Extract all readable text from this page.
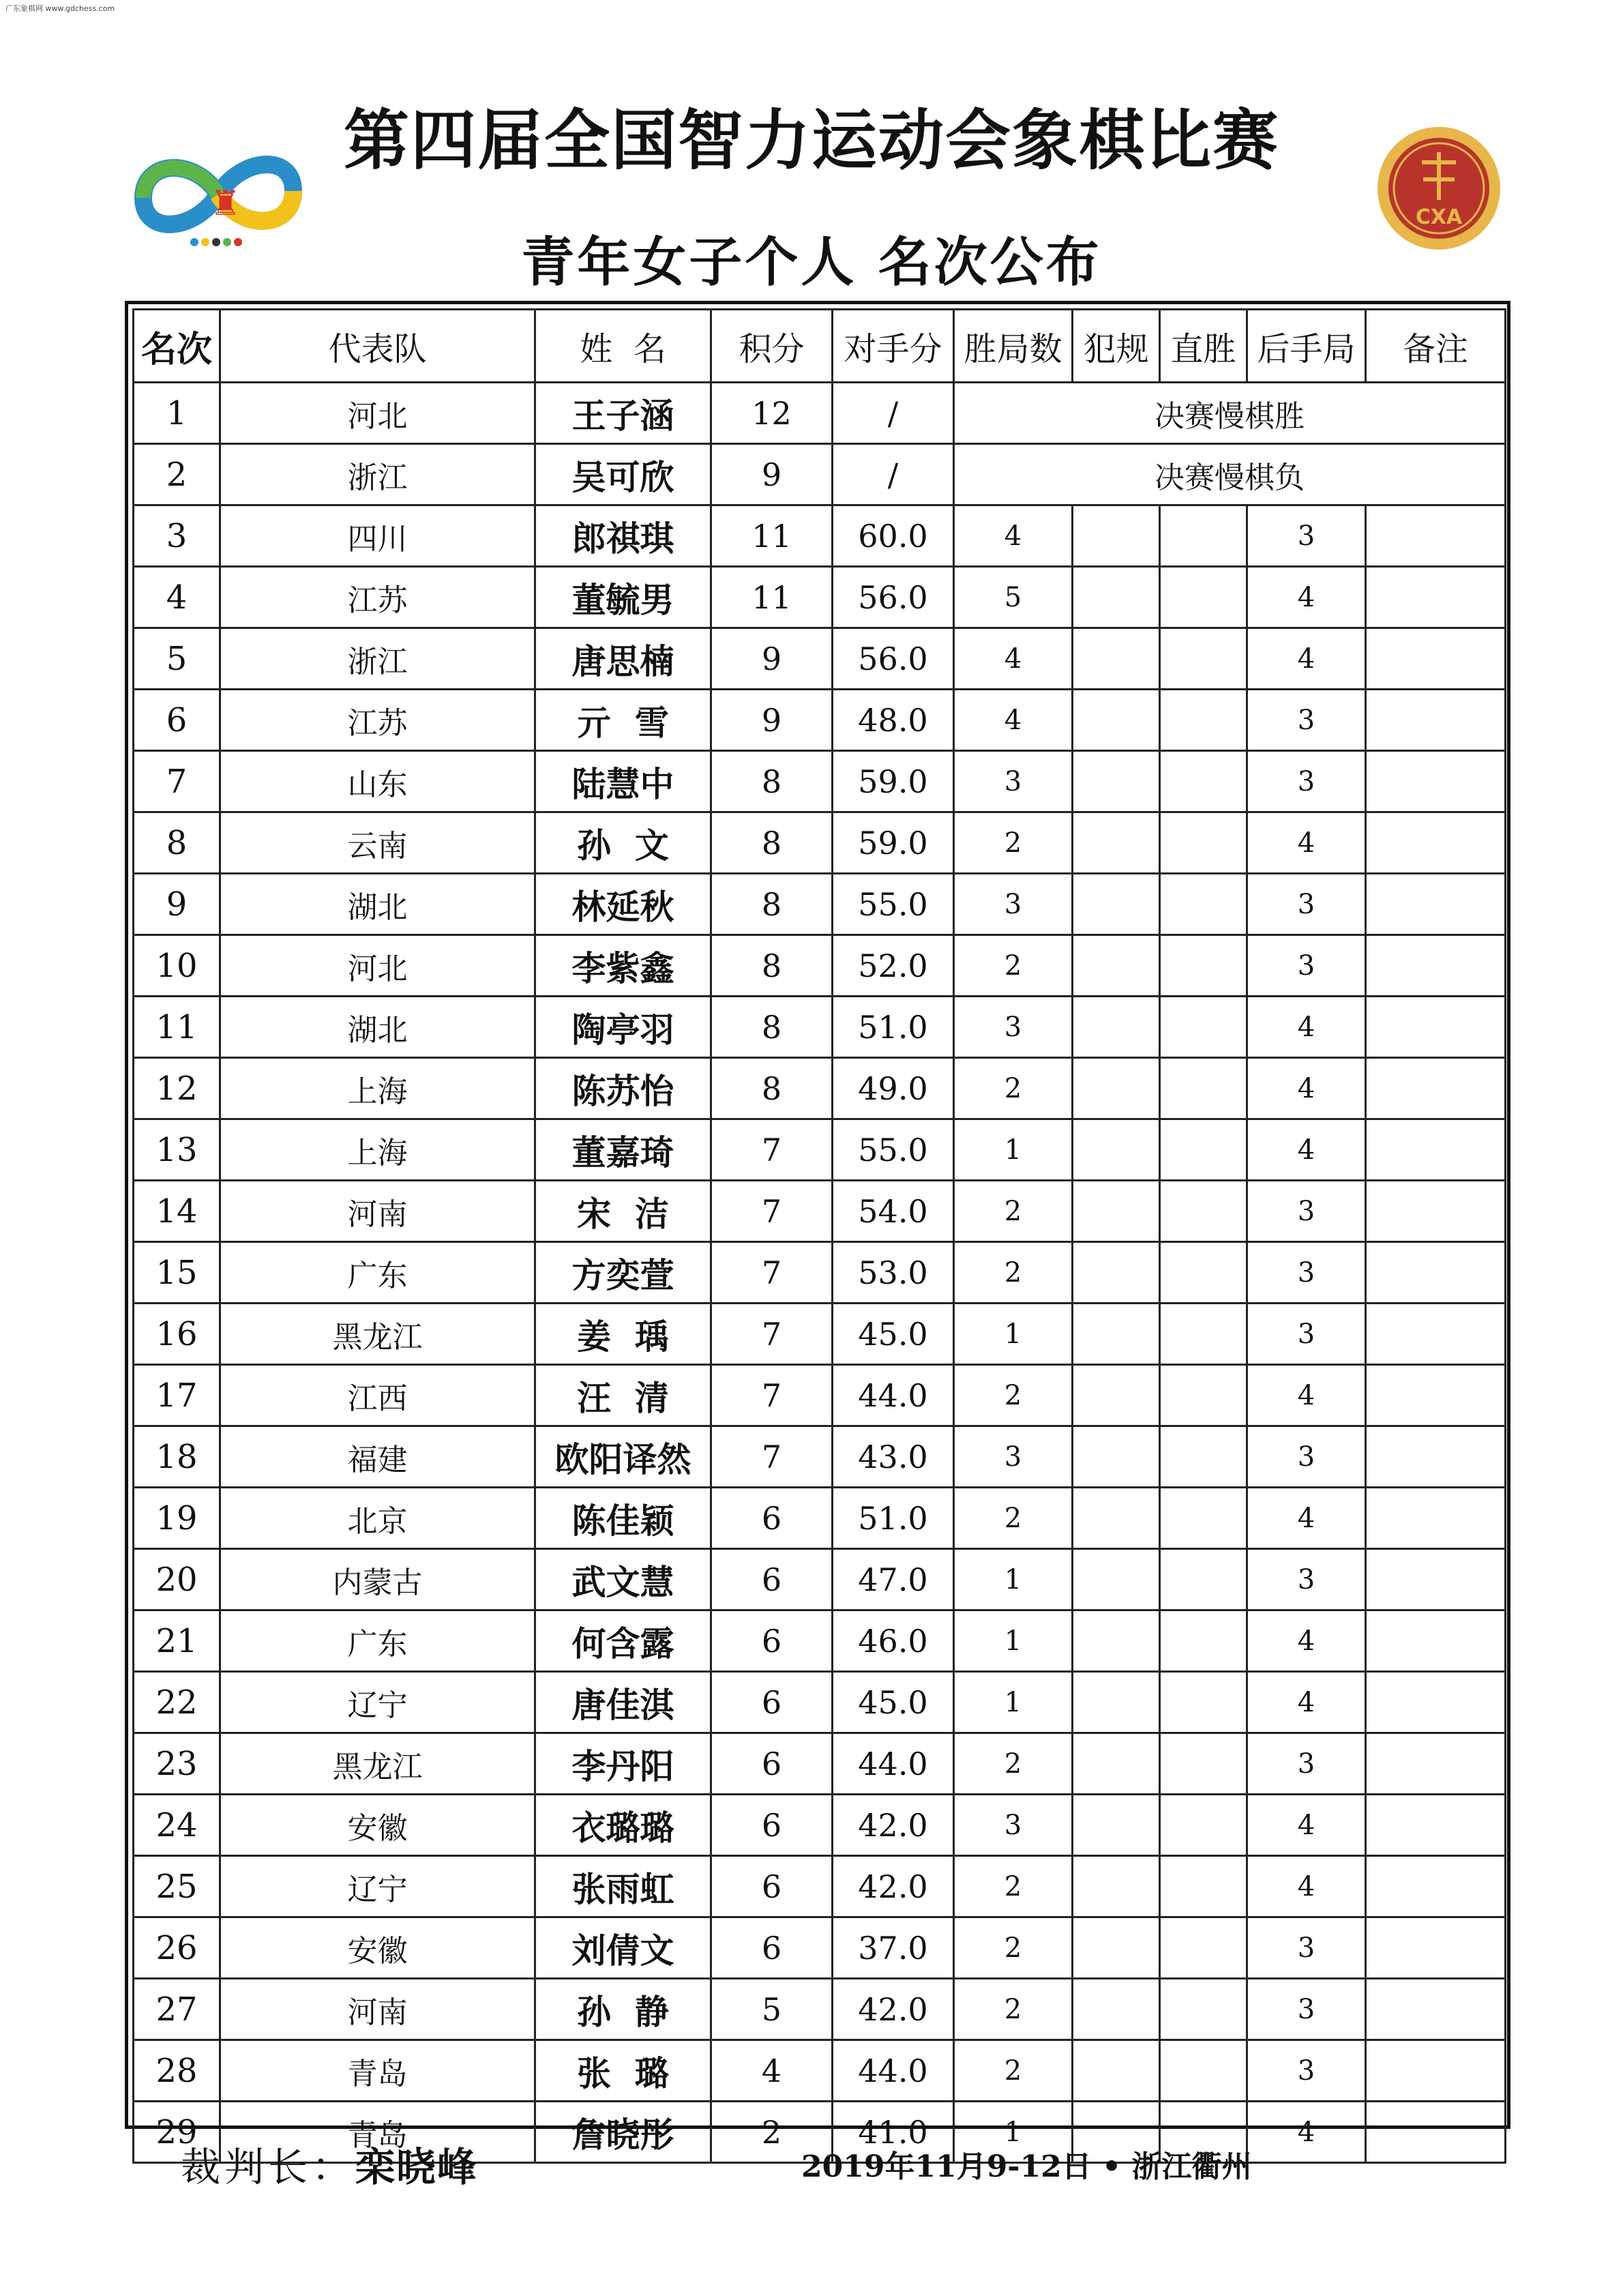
广东象棋网 www.gdchess.com
♜	CXA
第四届全国智力运动会象棋比赛
青年女子个人 名次公布
名次	代表队	姓  名	积分	对手分	胜局数	犯规	直胜	后手局	备注
1	河北	王子涵	12	/	决赛慢棋胜				
2	浙江	吴可欣	9	/	决赛慢棋负				
3	四川	郎祺琪	11	60.0	4			3	
4	江苏	董毓男	11	56.0	5			4	
5	浙江	唐思楠	9	56.0	4			4	
6	江苏	亓  雪	9	48.0	4			3	
7	山东	陆慧中	8	59.0	3			3	
8	云南	孙  文	8	59.0	2			4	
9	湖北	林延秋	8	55.0	3			3	
10	河北	李紫鑫	8	52.0	2			3	
11	湖北	陶亭羽	8	51.0	3			4	
12	上海	陈苏怡	8	49.0	2			4	
13	上海	董嘉琦	7	55.0	1			4	
14	河南	宋  洁	7	54.0	2			3	
15	广东	方奕萱	7	53.0	2			3	
16	黑龙江	姜  瑀	7	45.0	1			3	
17	江西	汪  清	7	44.0	2			4	
18	福建	欧阳译然	7	43.0	3			3	
19	北京	陈佳颖	6	51.0	2			4	
20	内蒙古	武文慧	6	47.0	1			3	
21	广东	何含露	6	46.0	1			4	
22	辽宁	唐佳淇	6	45.0	1			4	
23	黑龙江	李丹阳	6	44.0	2			3	
24	安徽	衣璐璐	6	42.0	3			4	
25	辽宁	张雨虹	6	42.0	2			4	
26	安徽	刘倩文	6	37.0	2			3	
27	河南	孙  静	5	42.0	2			3	
28	青岛	张  璐	4	44.0	2			3	
29	青岛	詹晓彤	2	41.0	1			4	
裁判长：栾晓峰	2019年11月9-12日 • 浙江衢州
